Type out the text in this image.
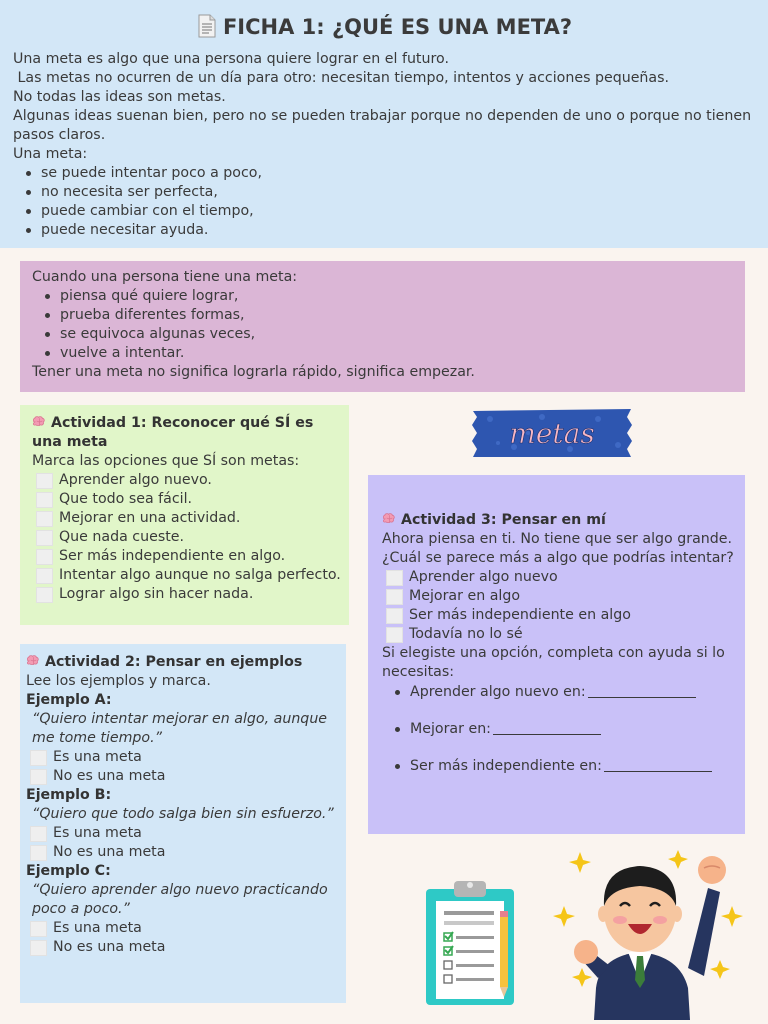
FICHA 1: ¿QUÉ ES UNA META?
Una meta es algo que una persona quiere lograr en el futuro.
Las metas no ocurren de un día para otro: necesitan tiempo, intentos y acciones pequeñas.
No todas las ideas son metas.
Algunas ideas suenan bien, pero no se pueden trabajar porque no dependen de uno o porque no tienen pasos claros.
Una meta:
se puede intentar poco a poco,
no necesita ser perfecta,
puede cambiar con el tiempo,
puede necesitar ayuda.
Cuando una persona tiene una meta:
piensa qué quiere lograr,
prueba diferentes formas,
se equivoca algunas veces,
vuelve a intentar.
Tener una meta no significa lograrla rápido, significa empezar.
Actividad 1: Reconocer qué SÍ es una meta
Marca las opciones que SÍ son metas:
Aprender algo nuevo.
Que todo sea fácil.
Mejorar en una actividad.
Que nada cueste.
Ser más independiente en algo.
Intentar algo aunque no salga perfecto.
Lograr algo sin hacer nada.
metas
Actividad 3: Pensar en mí
Ahora piensa en ti. No tiene que ser algo grande.
¿Cuál se parece más a algo que podrías intentar?
Aprender algo nuevo
Mejorar en algo
Ser más independiente en algo
Todavía no lo sé
Si elegiste una opción, completa con ayuda si lo necesitas:
Aprender algo nuevo en:
Mejorar en:
Ser más independiente en:
Actividad 2: Pensar en ejemplos
Lee los ejemplos y marca.
Ejemplo A:
“Quiero intentar mejorar en algo, aunque me tome tiempo.”
Es una meta
No es una meta
Ejemplo B:
“Quiero que todo salga bien sin esfuerzo.”
Es una meta
No es una meta
Ejemplo C:
“Quiero aprender algo nuevo practicando poco a poco.”
Es una meta
No es una meta
